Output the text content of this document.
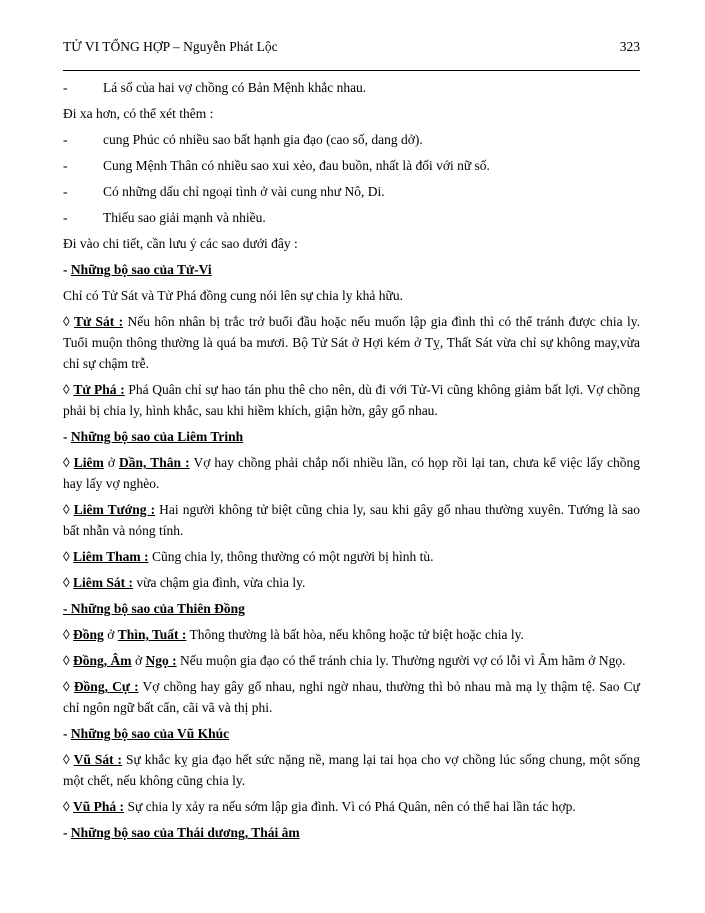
TỬ VI TỔNG HỢP – Nguyễn Phát Lộc	323

-	Lá số của hai vợ chồng có Bản Mệnh khắc nhau.

Đi xa hơn, có thể xét thêm :

-	cung Phúc có nhiều sao bất hạnh gia đạo (cao số, dang dở).

-	Cung Mệnh Thân có nhiều sao xui xẻo, đau buồn, nhất là đối với nữ số.

-	Có những dấu chỉ ngoại tình ở vài cung như Nô, Di.

-	Thiếu sao giải mạnh và nhiều.

Đi vào chi tiết, cần lưu ý các sao dưới đây :

- Những bộ sao của Tử-Vi

Chỉ có Tử Sát và Tử Phá đồng cung nói lên sự chia ly khả hữu.

◊ Tử Sát : Nếu hôn nhân bị trắc trở buổi đầu hoặc nếu muốn lập gia đình thì có thể tránh được chia ly. Tuổi muộn thông thường là quá ba mươi. Bộ Tử Sát ở Hợi kém ở Tỵ, Thất Sát vừa chỉ sự không may,vừa chỉ sự chậm trễ.

◊ Tử Phá : Phá Quân chỉ sự hao tán phu thê cho nên, dù đi với Tử-Vi cũng không giảm bất lợi. Vợ chồng phải bị chia ly, hình khắc, sau khi hiềm khích, giận hờn, gây gổ nhau.

- Những bộ sao của Liêm Trinh

◊ Liêm ở Dần, Thân : Vợ hay chồng phải chắp nối nhiều lần, có họp rồi lại tan, chưa kể việc lấy chồng hay lấy vợ nghèo.

◊ Liêm Tướng : Hai người không tử biệt cũng chia ly, sau khi gây gổ nhau thường xuyên. Tướng là sao bất nhẫn và nóng tính.

◊ Liêm Tham : Cũng chia ly, thông thường có một người bị hình tù.

◊ Liêm Sát : vừa chậm gia đình, vừa chia ly.

- Những bộ sao của Thiên Đồng

◊ Đồng ở Thìn, Tuất : Thông thường là bất hòa, nếu không hoặc tử biệt hoặc chia ly.

◊ Đồng, Âm ở Ngọ : Nếu muộn gia đạo có thể tránh chia ly. Thường người vợ có lỗi vì Âm hãm ở Ngọ.

◊ Đồng, Cự : Vợ chồng hay gây gổ nhau, nghi ngờ nhau, thường thì bỏ nhau mà mạ lỵ thậm tệ. Sao Cự chỉ ngôn ngữ bất cẩn, cãi vã và thị phi.

- Những bộ sao của Vũ Khúc

◊ Vũ Sát : Sự khắc kỵ gia đạo hết sức nặng nề, mang lại tai họa cho vợ chồng lúc sống chung, một sống một chết, nếu không cũng chia ly.

◊ Vũ Phá : Sự chia ly xảy ra nếu sớm lập gia đình. Vì có Phá Quân, nên có thể hai lần tác hợp.

- Những bộ sao của Thái dương, Thái âm
